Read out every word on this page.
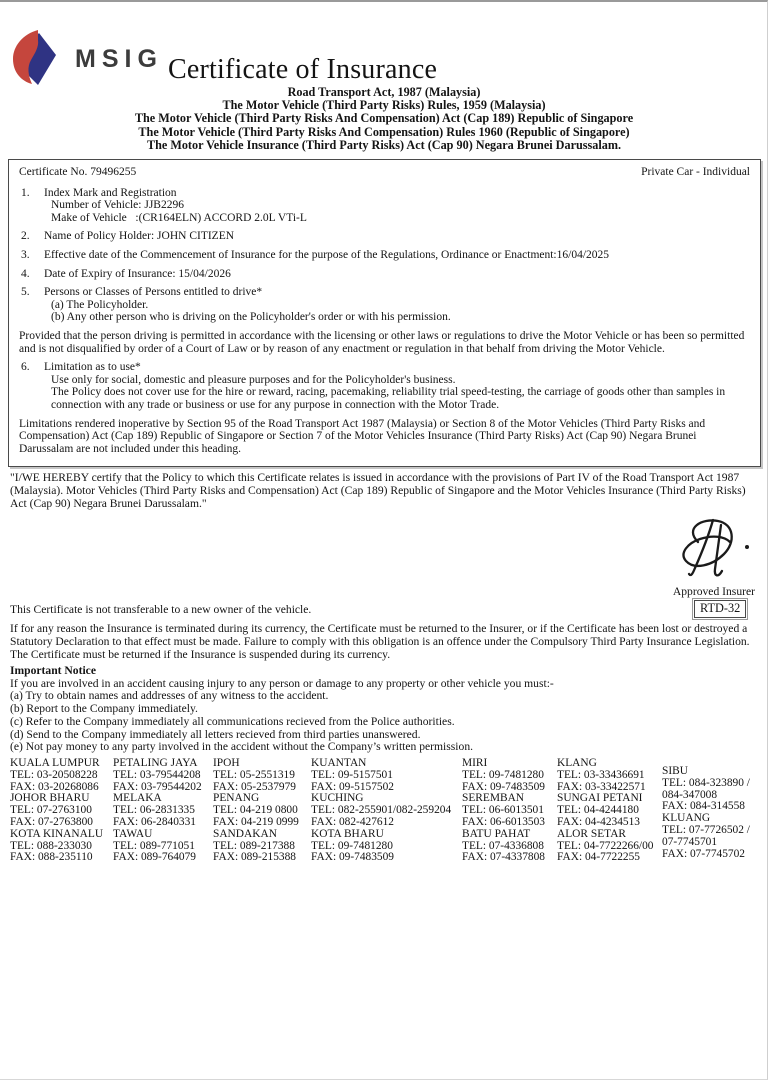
MSIG Certificate of Insurance
Road Transport Act, 1987 (Malaysia)
The Motor Vehicle (Third Party Risks) Rules, 1959 (Malaysia)
The Motor Vehicle (Third Party Risks And Compensation) Act (Cap 189) Republic of Singapore
The Motor Vehicle (Third Party Risks And Compensation) Rules 1960 (Republic of Singapore)
The Motor Vehicle Insurance (Third Party Risks) Act (Cap 90) Negara Brunei Darussalam.
Certificate No. 79496255	Private Car - Individual
1.	Index Mark and Registration
Number of Vehicle: JJB2296
Make of Vehicle   :(CR164ELN) ACCORD 2.0L VTi-L
2.	Name of Policy Holder: JOHN CITIZEN
3.	Effective date of the Commencement of Insurance for the purpose of the Regulations, Ordinance or Enactment:16/04/2025
4.	Date of Expiry of Insurance: 15/04/2026
5.	Persons or Classes of Persons entitled to drive*
(a) The Policyholder.
(b) Any other person who is driving on the Policyholder's order or with his permission.
Provided that the person driving is permitted in accordance with the licensing or other laws or regulations to drive the Motor Vehicle or has been so permitted and is not disqualified by order of a Court of Law or by reason of any enactment or regulation in that behalf from driving the Motor Vehicle.
6.	Limitation as to use*
Use only for social, domestic and pleasure purposes and for the Policyholder's business.
The Policy does not cover use for the hire or reward, racing, pacemaking, reliability trial speed-testing, the carriage of goods other than samples in connection with any trade or business or use for any purpose in connection with the Motor Trade.
Limitations rendered inoperative by Section 95 of the Road Transport Act 1987 (Malaysia) or Section 8 of the Motor Vehicles (Third Party Risks and Compensation) Act (Cap 189) Republic of Singapore or Section 7 of the Motor Vehicles Insurance (Third Party Risks) Act (Cap 90) Negara Brunei Darussalam are not included under this heading.
"I/WE HEREBY certify that the Policy to which this Certificate relates is issued in accordance with the provisions of Part IV of the Road Transport Act 1987 (Malaysia). Motor Vehicles (Third Party Risks and Compensation) Act (Cap 189) Republic of Singapore and the Motor Vehicles Insurance (Third Party Risks) Act (Cap 90) Negara Brunei Darussalam."
Approved Insurer
RTD-32
This Certificate is not transferable to a new owner of the vehicle.
If for any reason the Insurance is terminated during its currency, the Certificate must be returned to the Insurer, or if the Certificate has been lost or destroyed a Statutory Declaration to that effect must be made. Failure to comply with this obligation is an offence under the Compulsory Third Party Insurance Legislation.
The Certificate must be returned if the Insurance is suspended during its currency.
Important Notice
If you are involved in an accident causing injury to any person or damage to any property or other vehicle you must:-
(a) Try to obtain names and addresses of any witness to the accident.
(b) Report to the Company immediately.
(c) Refer to the Company immediately all communications recieved from the Police authorities.
(d) Send to the Company immediately all letters recieved from third parties unanswered.
(e) Not pay money to any party involved in the accident without the Company’s written permission.
KUALA LUMPUR
TEL: 03-20508228
FAX: 03-20268086
JOHOR BHARU
TEL: 07-2763100
FAX: 07-2763800
KOTA KINANALU
TEL: 088-233030
FAX: 088-235110
PETALING JAYA
TEL: 03-79544208
FAX: 03-79544202
MELAKA
TEL: 06-2831335
FAX: 06-2840331
TAWAU
TEL: 089-771051
FAX: 089-764079
IPOH
TEL: 05-2551319
FAX: 05-2537979
PENANG
TEL: 04-219 0800
FAX: 04-219 0999
SANDAKAN
TEL: 089-217388
FAX: 089-215388
KUANTAN
TEL: 09-5157501
FAX: 09-5157502
KUCHING
TEL: 082-255901/082-259204
FAX: 082-427612
KOTA BHARU
TEL: 09-7481280
FAX: 09-7483509
MIRI
TEL: 09-7481280
FAX: 09-7483509
SEREMBAN
TEL: 06-6013501
FAX: 06-6013503
BATU PAHAT
TEL: 07-4336808
FAX: 07-4337808
KLANG
TEL: 03-33436691
FAX: 03-33422571
SUNGAI PETANI
TEL: 04-4244180
FAX: 04-4234513
ALOR SETAR
TEL: 04-7722266/00
FAX: 04-7722255
SIBU
TEL: 084-323890 /
084-347008
FAX: 084-314558
KLUANG
TEL: 07-7726502 /
07-7745701
FAX: 07-7745702
